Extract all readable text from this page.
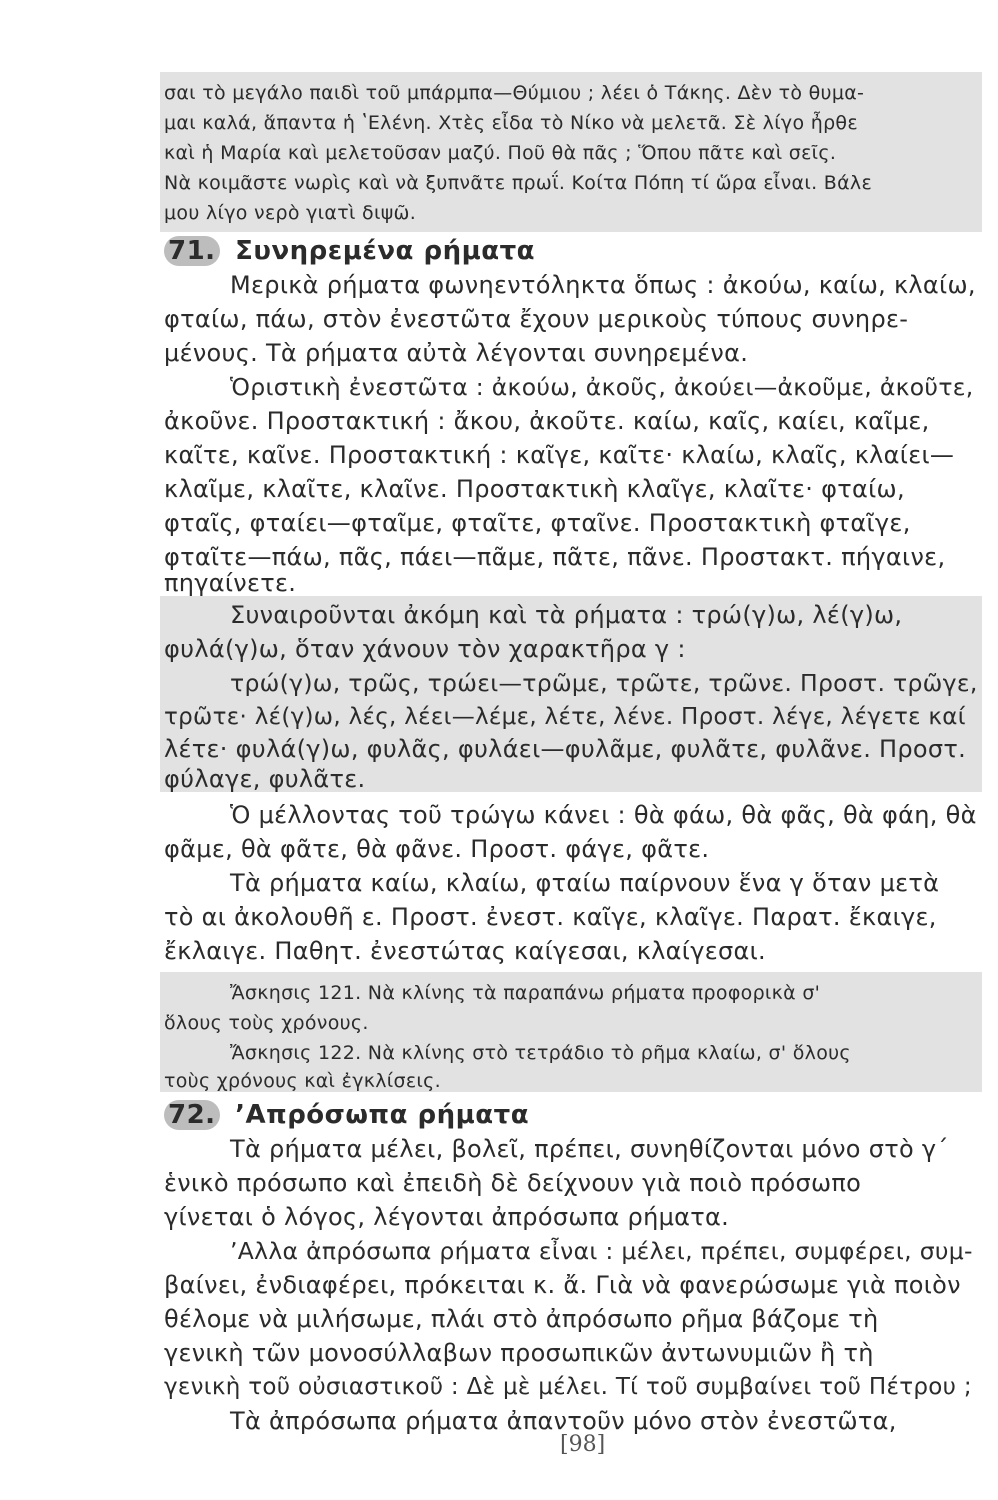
σαι τὸ μεγάλο παιδὶ τοῦ μπάρμπα—Θύμιου ; λέει ὁ Τάκης. Δὲν τὸ θυμα-
μαι καλά, ἅπαντα ἡ ʽΕλένη. Χτὲς εἶδα τὸ Νίκο νὰ μελετᾶ. Σὲ λίγο ἦρθε
καὶ ἡ Μαρία καὶ μελετοῦσαν μαζύ. Ποῦ θὰ πᾶς ; Ὅπου πᾶτε καὶ σεῖς.
Νὰ κοιμᾶστε νωρὶς καὶ νὰ ξυπνᾶτε πρωΐ. Κοίτα Πόπη τί ὥρα εἶναι. Βάλε
μου λίγο νερὸ γιατὶ διψῶ.
71. Συνηρεμένα ρήματα
Μερικὰ ρήματα φωνηεντόληκτα ὅπως : ἀκούω, καίω, κλαίω,
φταίω, πάω, στὸν ἐνεστῶτα ἔχουν μερικοὺς τύπους συνηρε-
μένους. Τὰ ρήματα αὐτὰ λέγονται συνηρεμένα.
Ὁριστικὴ ἐνεστῶτα : ἀκούω, ἀκοῦς, ἀκούει—ἀκοῦμε, ἀκοῦτε,
ἀκοῦνε. Προστακτική : ἄκου, ἀκοῦτε. καίω, καῖς, καίει, καῖμε,
καῖτε, καῖνε. Προστακτική : καῖγε, καῖτε· κλαίω, κλαῖς, κλαίει—
κλαῖμε, κλαῖτε, κλαῖνε. Προστακτικὴ κλαῖγε, κλαῖτε· φταίω,
φταῖς, φταίει—φταῖμε, φταῖτε, φταῖνε. Προστακτικὴ φταῖγε,
φταῖτε—πάω, πᾶς, πάει—πᾶμε, πᾶτε, πᾶνε. Προστακτ. πήγαινε,
πηγαίνετε.
Συναιροῦνται ἀκόμη καὶ τὰ ρήματα : τρώ(γ)ω, λέ(γ)ω,
φυλά(γ)ω, ὅταν χάνουν τὸν χαρακτῆρα γ :
τρώ(γ)ω, τρῶς, τρώει—τρῶμε, τρῶτε, τρῶνε. Προστ. τρῶγε,
τρῶτε· λέ(γ)ω, λές, λέει—λέμε, λέτε, λένε. Προστ. λέγε, λέγετε καί
λέτε· φυλά(γ)ω, φυλᾶς, φυλάει—φυλᾶμε, φυλᾶτε, φυλᾶνε. Προστ.
φύλαγε, φυλᾶτε.
Ὁ μέλλοντας τοῦ τρώγω κάνει : θὰ φάω, θὰ φᾶς, θὰ φάη, θὰ
φᾶμε, θὰ φᾶτε, θὰ φᾶνε. Προστ. φάγε, φᾶτε.
Τὰ ρήματα καίω, κλαίω, φταίω παίρνουν ἕνα γ ὅταν μετὰ
τὸ αι ἀκολουθῆ ε. Προστ. ἐνεστ. καῖγε, κλαῖγε. Παρατ. ἔκαιγε,
ἔκλαιγε. Παθητ. ἐνεστώτας καίγεσαι, κλαίγεσαι.
Ἄσκησις 121. Νὰ κλίνης τὰ παραπάνω ρήματα προφορικὰ σ'
ὅλους τοὺς χρόνους.
Ἄσκησις 122. Νὰ κλίνης στὸ τετράδιο τὸ ρῆμα κλαίω, σ' ὅλους
τοὺς χρόνους καὶ ἐγκλίσεις.
72. ʼΑπρόσωπα ρήματα
Τὰ ρήματα μέλει, βολεῖ, πρέπει, συνηθίζονται μόνο στὸ γ΄
ἑνικὸ πρόσωπο καὶ ἐπειδὴ δὲ δείχνουν γιὰ ποιὸ πρόσωπο
γίνεται ὁ λόγος, λέγονται ἀπρόσωπα ρήματα.
ʼΑλλα ἀπρόσωπα ρήματα εἶναι : μέλει, πρέπει, συμφέρει, συμ-
βαίνει, ἐνδιαφέρει, πρόκειται κ. ἄ. Γιὰ νὰ φανερώσωμε γιὰ ποιὸν
θέλομε νὰ μιλήσωμε, πλάι στὸ ἀπρόσωπο ρῆμα βάζομε τὴ
γενικὴ τῶν μονοσύλλαβων προσωπικῶν ἀντωνυμιῶν ἢ τὴ
γενικὴ τοῦ οὐσιαστικοῦ : Δὲ μὲ μέλει. Τί τοῦ συμβαίνει τοῦ Πέτρου ;
Τὰ ἀπρόσωπα ρήματα ἀπαντοῦν μόνο στὸν ἐνεστῶτα,
[98]
